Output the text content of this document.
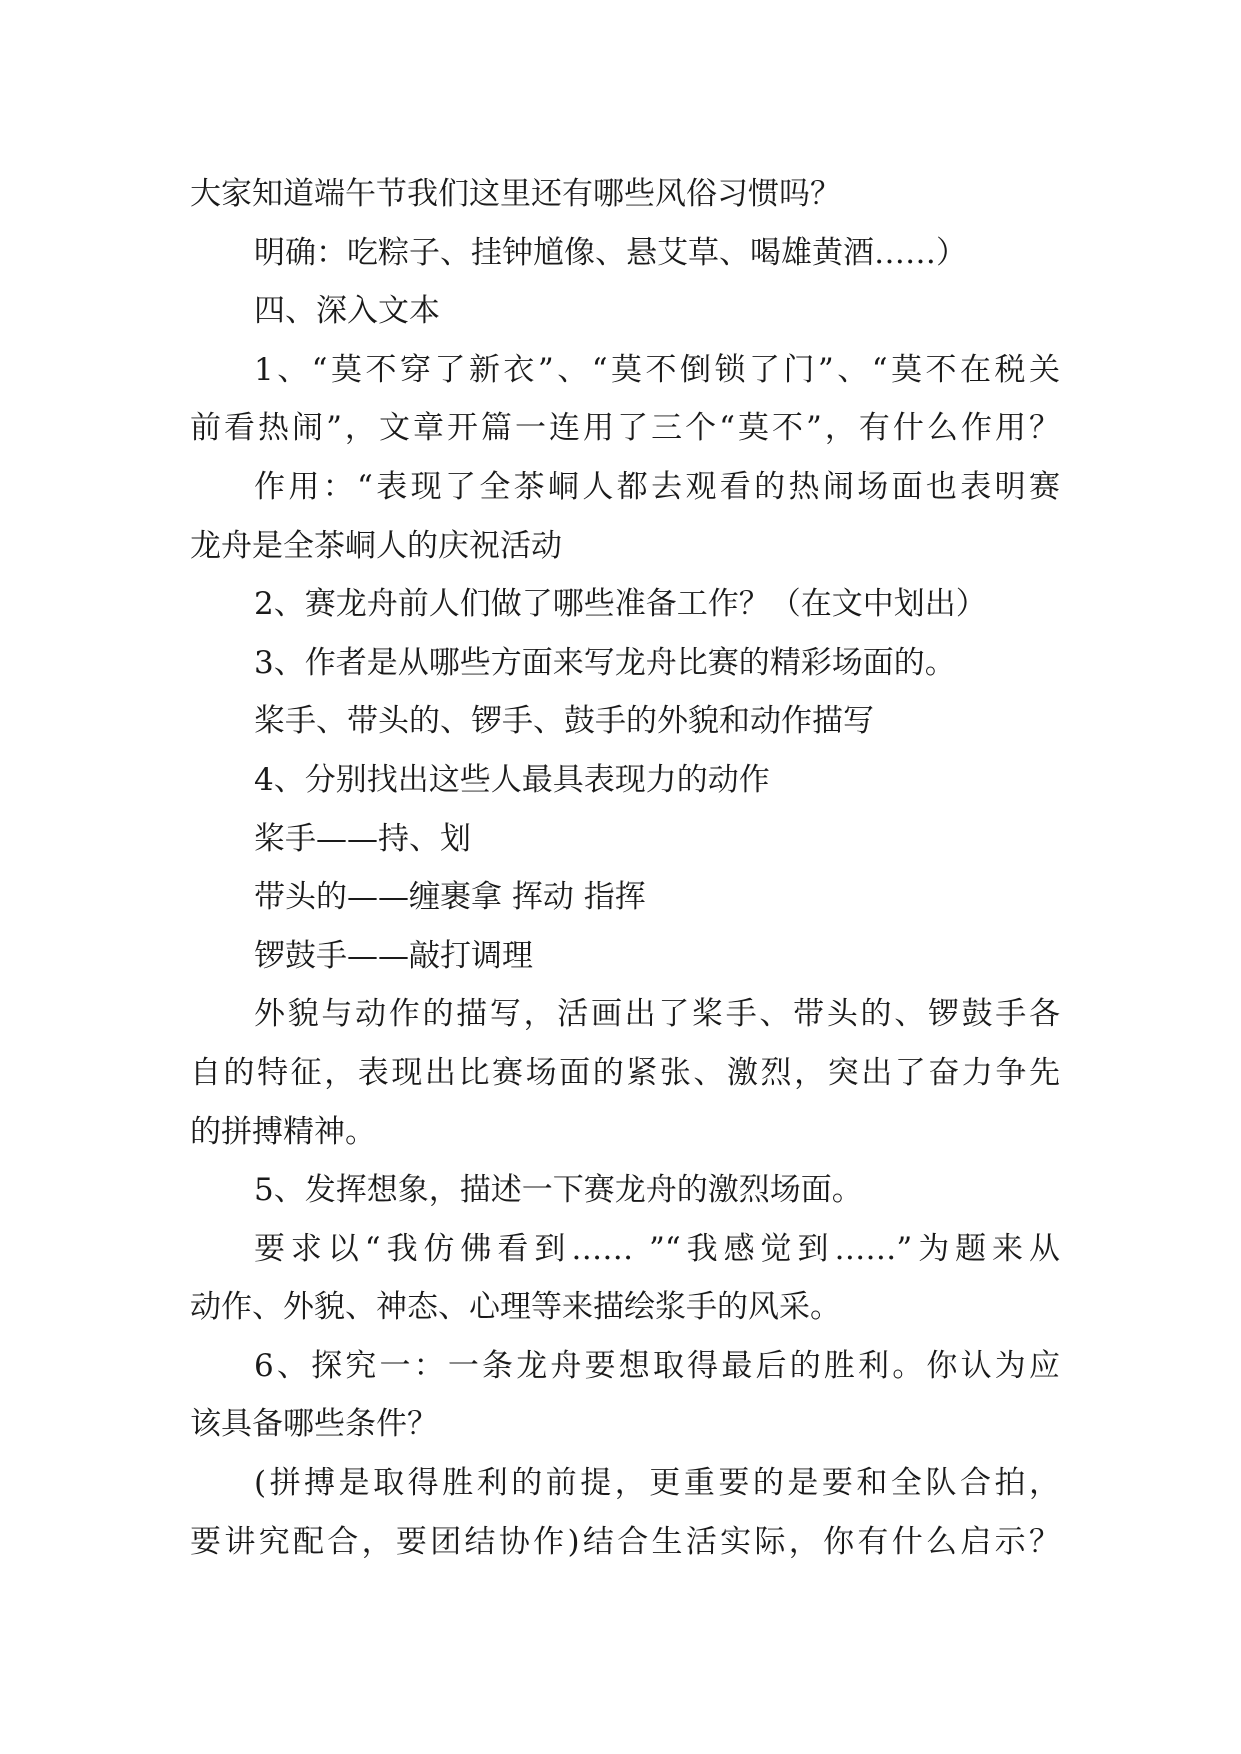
大家知道端午节我们这里还有哪些风俗习惯吗？
明确：吃粽子、挂钟馗像、悬艾草、喝雄黄酒……）
四、深入文本
1、“莫不穿了新衣”、“莫不倒锁了门”、“莫不在税关
前看热闹”，文章开篇一连用了三个“莫不”，有什么作用？
作用：“表现了全茶峒人都去观看的热闹场面也表明赛
龙舟是全茶峒人的庆祝活动
2、赛龙舟前人们做了哪些准备工作？（在文中划出）
3、作者是从哪些方面来写龙舟比赛的精彩场面的。
桨手、带头的、锣手、鼓手的外貌和动作描写
4、分别找出这些人最具表现力的动作
桨手——持、划
带头的——缠裹拿 挥动 指挥
锣鼓手——敲打调理
外貌与动作的描写，活画出了桨手、带头的、锣鼓手各
自的特征，表现出比赛场面的紧张、激烈，突出了奋力争先
的拼搏精神。
5、发挥想象，描述一下赛龙舟的激烈场面。
要求以“我仿佛看到…… ”“我感觉到……”为题来从
动作、外貌、神态、心理等来描绘浆手的风采。
6、探究一：一条龙舟要想取得最后的胜利。你认为应
该具备哪些条件？
(拼搏是取得胜利的前提，更重要的是要和全队合拍，
要讲究配合，要团结协作)结合生活实际，你有什么启示？
